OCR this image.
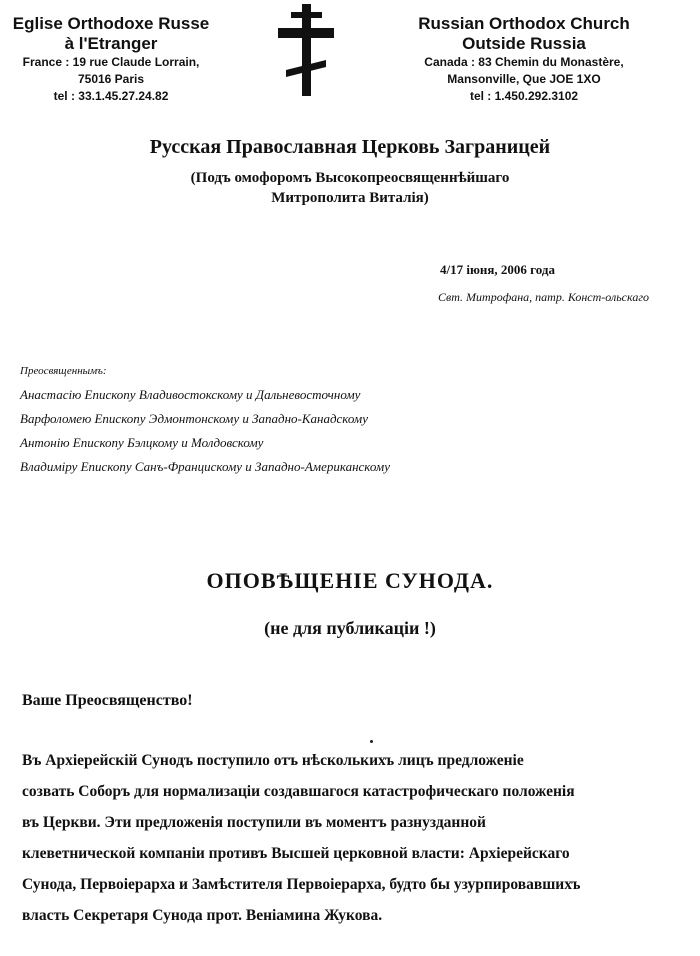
Eglise Orthodoxe Russe
à l'Etranger
France : 19 rue Claude Lorrain,
75016 Paris
tel : 33.1.45.27.24.82
Russian Orthodox Church
Outside Russia
Canada : 83 Chemin du Monastère,
Mansonville, Que JOE 1XO
tel : 1.450.292.3102
Русская Православная Церковь Заграницей
(Подъ омофоромъ Высокопреосвященнѣйшаго
Митрополита Виталія)
4/17 іюня, 2006 года
Свт. Митрофана, патр. Конст-ольскаго
Преосвященнымъ:
Анастасію Епископу Владивостокскому и Дальневосточному
Варфоломею Епископу Эдмонтонскому и Западно-Канадскому
Антонію Епископу Бэлцкому и Молдовскому
Владиміру Епископу Санъ-Францискому и Западно-Американскому
ОПОВѢЩЕНІЕ СУНОДА.
(не для публикаціи !)
Ваше Преосвященство!
Въ Архіерейскій Сунодъ поступило отъ нѣсколькихъ лицъ предложеніе
созвать Соборъ для нормализаціи создавшагося катастрофическаго положенія
въ Церкви. Эти предложенія поступили въ моментъ разнузданной
клеветнической компаніи противъ Высшей церковной власти: Архіерейскаго
Сунода, Первоіерарха и Замѣстителя Первоіерарха, будто бы узурпировавшихъ
власть Секретаря Сунода прот. Веніамина Жукова.
